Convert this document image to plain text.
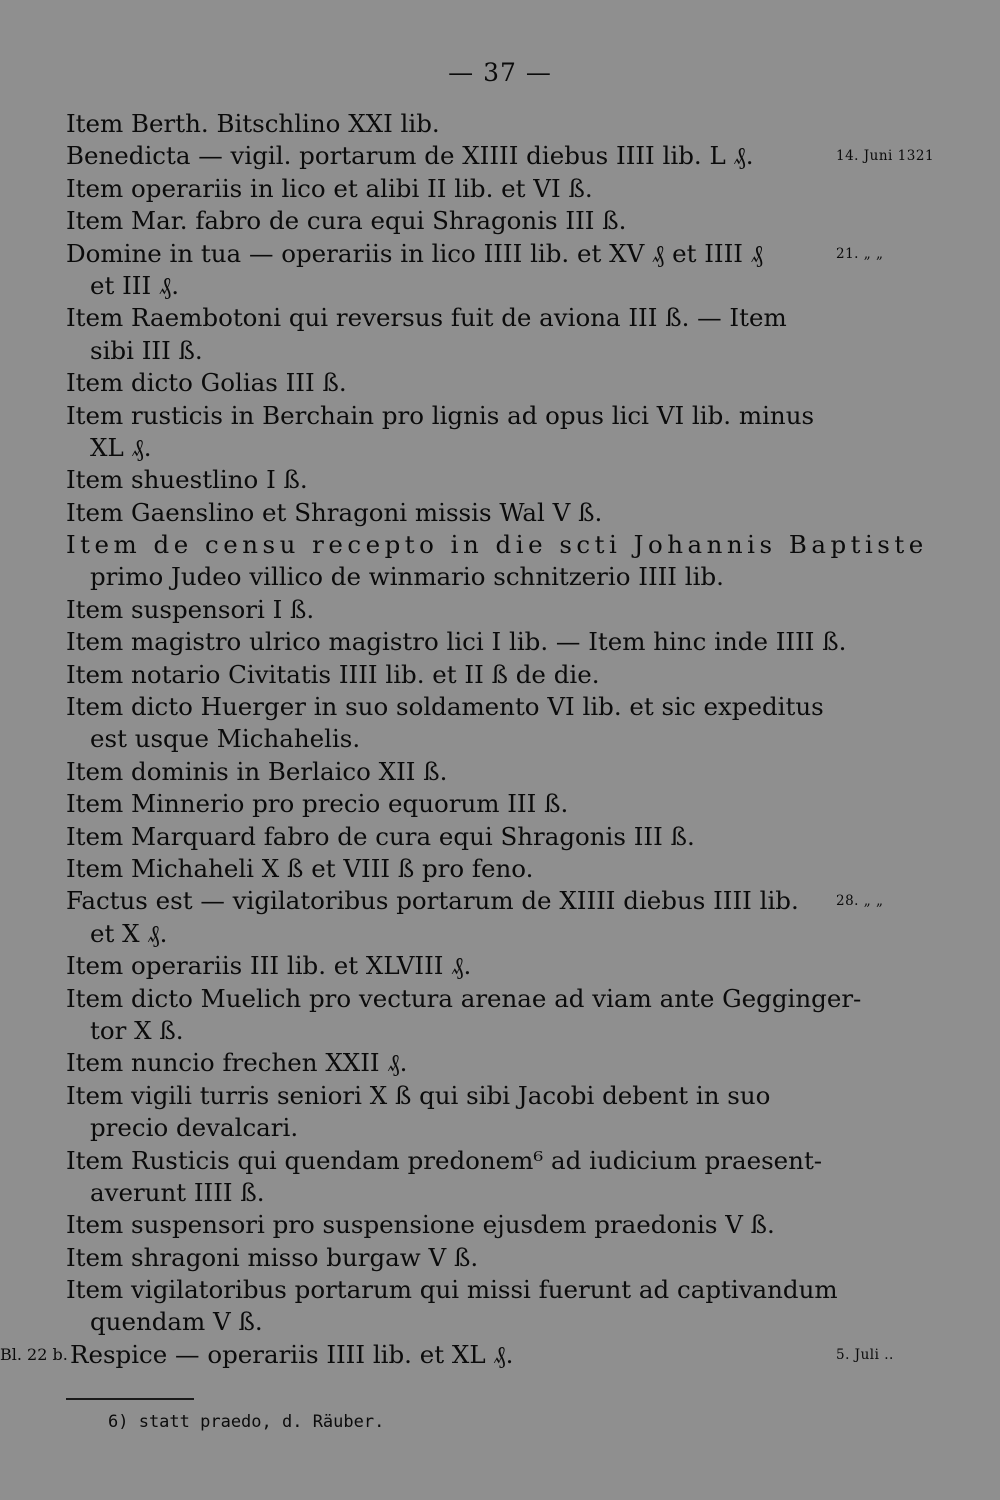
— 37 —
Item Berth. Bitschlino XXI lib.
Benedicta — vigil. portarum de XIIII diebus IIII lib. L ₰.	14. Juni 1321
Item operariis in lico et alibi II lib. et VI ß.
Item Mar. fabro de cura equi Shragonis III ß.
Domine in tua — operariis in lico IIII lib. et XV ₰ et IIII ₰	21. „ „
et III ₰.
Item Raembotoni qui reversus fuit de aviona III ß. — Item
sibi III ß.
Item dicto Golias III ß.
Item rusticis in Berchain pro lignis ad opus lici VI lib. minus
XL ₰.
Item shuestlino I ß.
Item Gaenslino et Shragoni missis Wal V ß.
Item de censu recepto in die scti Johannis Baptiste
primo Judeo villico de winmario schnitzerio IIII lib.
Item suspensori I ß.
Item magistro ulrico magistro lici I lib. — Item hinc inde IIII ß.
Item notario Civitatis IIII lib. et II ß de die.
Item dicto Huerger in suo soldamento VI lib. et sic expeditus
est usque Michahelis.
Item dominis in Berlaico XII ß.
Item Minnerio pro precio equorum III ß.
Item Marquard fabro de cura equi Shragonis III ß.
Item Michaheli X ß et VIII ß pro feno.
Factus est — vigilatoribus portarum de XIIII diebus IIII lib.	28. „ „
et X ₰.
Item operariis III lib. et XLVIII ₰.
Item dicto Muelich pro vectura arenae ad viam ante Gegginger-
tor X ß.
Item nuncio frechen XXII ₰.
Item vigili turris seniori X ß qui sibi Jacobi debent in suo
precio devalcari.
Item Rusticis qui quendam predonem⁶ ad iudicium praesent-
averunt IIII ß.
Item suspensori pro suspensione ejusdem praedonis V ß.
Item shragoni misso burgaw V ß.
Item vigilatoribus portarum qui missi fuerunt ad captivandum
quendam V ß.
Respice — operariis IIII lib. et XL ₰.
Bl. 22 b.	5. Juli ..
6) statt praedo, d. Räuber.
